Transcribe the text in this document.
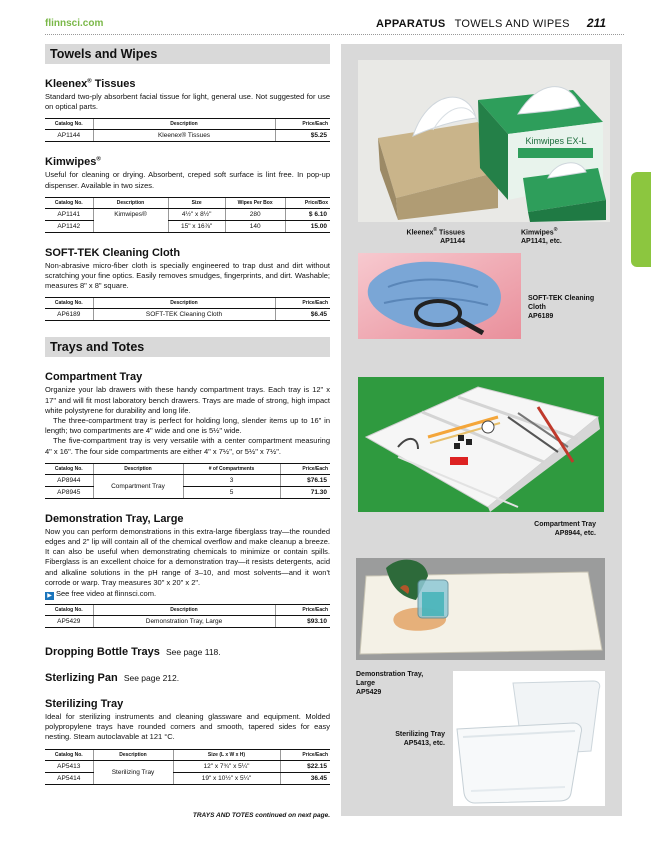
flinnsci.com	APPARATUS TOWELS AND WIPES 211
Kimwipes EX-L
Kleenex® Tissues
AP1144
Kimwipes®
AP1141, etc.
SOFT-TEK Cleaning
Cloth
AP6189
Compartment Tray
AP8944, etc.
Demonstration Tray,
Large
AP5429
Sterilizing Tray
AP5413, etc.
Towels and Wipes
Kleenex® Tissues
Standard two-ply absorbent facial tissue for light, general use. Not suggested for use on optical parts.
Catalog No.	Description	Price/Each
AP1144	Kleenex® Tissues	$5.25
Kimwipes®
Useful for cleaning or drying. Absorbent, creped soft surface is lint free. In pop-up dispenser. Available in two sizes.
Catalog No.	Description	Size	Wipes Per Box	Price/Box
AP1141	Kimwipes®	4½" x 8½"	280	$ 6.10
AP1142		15" x 16⅞"	140	15.00
SOFT-TEK Cleaning Cloth
Non-abrasive micro-fiber cloth is specially engineered to trap dust and dirt without scratching your fine optics. Easily removes smudges, fingerprints, and dirt. Washable; measures 8" x 8" square.
Catalog No.	Description	Price/Each
AP6189	SOFT-TEK Cleaning Cloth	$6.45
Trays and Totes
Compartment Tray

Organize your lab drawers with these handy compartment trays. Each tray is 12" x 17" and will fit most laboratory bench drawers. Trays are made of strong, high impact white polystyrene for durability and long life.

The three-compartment tray is perfect for holding long, slender items up to 16" in length; two compartments are 4" wide and one is 5½" wide.

The five-compartment tray is very versatile with a center compartment measuring 4" x 16". The four side compartments are either 4" x 7½", or 5½" x 7½".

Catalog No.	Description	# of Compartments	Price/Each
AP8944	Compartment Tray	3	$76.15
AP8945		5	71.30
Demonstration Tray, Large
Now you can perform demonstrations in this extra-large fiberglass tray—the rounded edges and 2" lip will contain all of the chemical overflow and make cleanup a breeze. It can also be useful when demonstrating chemicals to minimize or contain spills. Fiberglass is an excellent choice for a demonstration tray—it resists detergents, acid and alkaline solutions in the pH range of 3–10, and most solvents—and it won't corrode or warp. Tray measures 30" x 20" x 2".
▶ See free video at flinnsci.com.
Catalog No.	Description	Price/Each
AP5429	Demonstration Tray, Large	$93.10
Dropping Bottle Trays See page 118.
Sterlizing Pan See page 212.
Sterilizing Tray
Ideal for sterilizing instruments and cleaning glassware and equipment. Molded polypropylene trays have rounded corners and smooth, tapered sides for easy nesting. Steam autoclavable at 121 °C.
Catalog No.	Description	Size (L x W x H)	Price/Each
AP5413	Sterilizing Tray	12" x 7¾" x 5¼"	$22.15
AP5414		19" x 10½" x 5¼"	36.45
TRAYS AND TOTES continued on next page.
